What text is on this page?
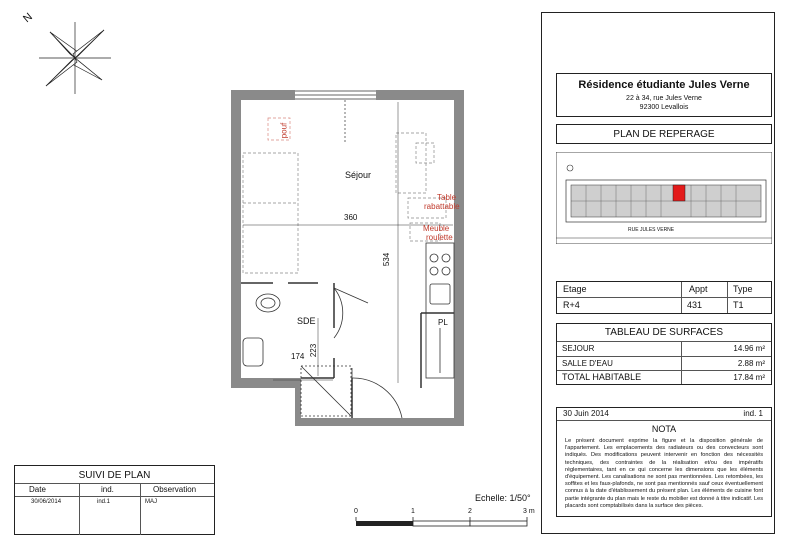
N
Séjour
SDE
pouf
Table
rabattable
Meuble
roulette
360
534
174 223
PL
Echelle: 1/50°
0	1	2	3 m
SUIVI DE PLAN
Date	ind.	Observation
30/06/2014	ind.1	MAJ
Résidence étudiante Jules Verne
22 à 34, rue Jules Verne
92300 Levallois
PLAN DE REPERAGE
RUE JULES VERNE
Etage	Appt	Type
R+4	431	T1
TABLEAU DE SURFACES
SEJOUR	14.96 m²
SALLE D'EAU	2.88 m²
TOTAL HABITABLE	17.84 m²
30 Juin 2014	ind. 1
NOTA
Le présent document exprime la figure et la disposition générale de l'appartement. Les emplacements des radiateurs ou des convecteurs sont indiqués. Des modifications peuvent intervenir en fonction des nécessités techniques, des contraintes de la réalisation et/ou des impératifs réglementaires, tant en ce qui concerne les dimensions que les éléments d'équipement. Les canalisations ne sont pas mentionnées. Les retombées, les soffites et les faux-plafonds, ne sont pas mentionnés sauf ceux éventuellement connus à la date d'établissement du présent plan. Les éléments de cuisine font partie intégrante du plan mais le reste du mobilier est donné à titre indicatif. Les placards sont comptabilisés dans la surface des pièces.
